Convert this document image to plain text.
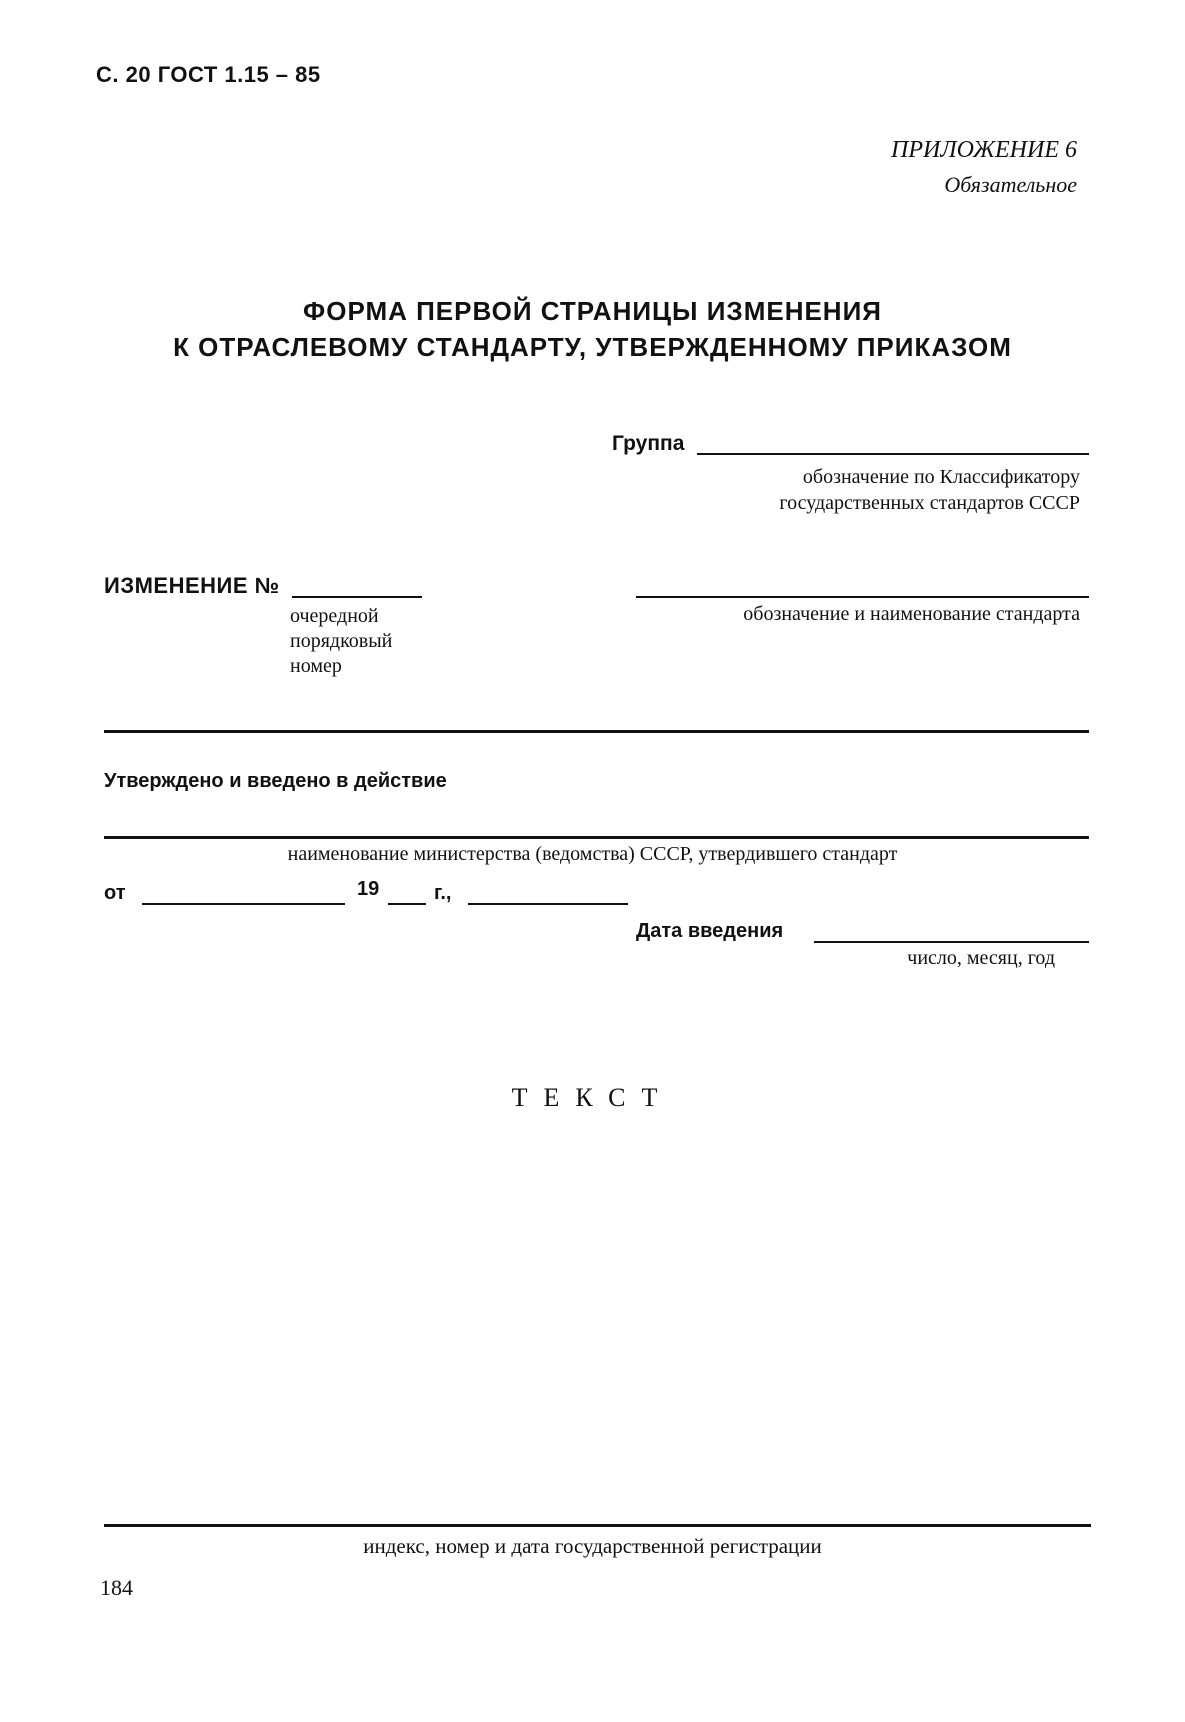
С. 20 ГОСТ 1.15 – 85
ПРИЛОЖЕНИЕ 6
Обязательное
ФОРМА ПЕРВОЙ СТРАНИЦЫ ИЗМЕНЕНИЯ
К ОТРАСЛЕВОМУ СТАНДАРТУ, УТВЕРЖДЕННОМУ ПРИКАЗОМ
Группа
обозначение по Классификатору
государственных стандартов СССР
ИЗМЕНЕНИЕ №
очередной
порядковый
номер
обозначение и наименование стандарта
Утверждено и введено в действие
наименование министерства (ведомства) СССР, утвердившего стандарт
от	19	г.,
Дата введения
число, месяц, год
ТЕКСТ
индекс, номер и дата государственной регистрации
184
